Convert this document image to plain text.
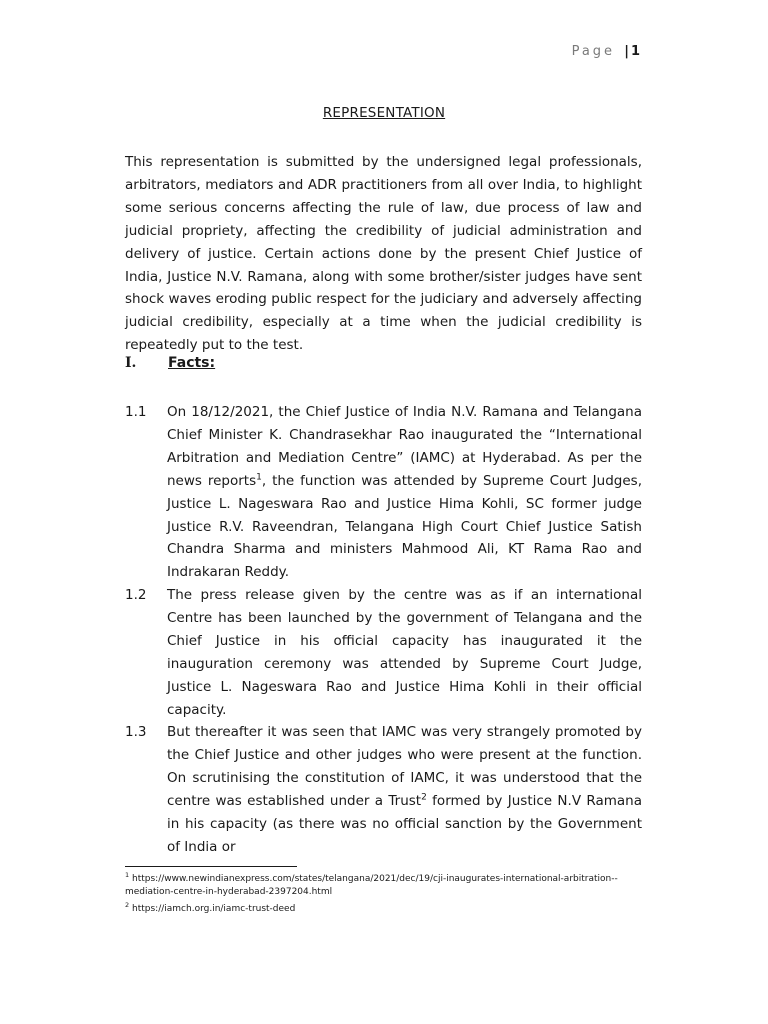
Page | 1
REPRESENTATION

This representation is submitted by the undersigned legal professionals, arbitrators, mediators and ADR practitioners from all over India, to highlight some serious concerns affecting the rule of law, due process of law and judicial propriety, affecting the credibility of judicial administration and delivery of justice. Certain actions done by the present Chief Justice of India, Justice N.V. Ramana, along with some brother/sister judges have sent shock waves eroding public respect for the judiciary and adversely affecting judicial credibility, especially at a time when the judicial credibility is repeatedly put to the test.

I. Facts:
1.1 On 18/12/2021, the Chief Justice of India N.V. Ramana and Telangana Chief Minister K. Chandrasekhar Rao inaugurated the “International Arbitration and Mediation Centre” (IAMC) at Hyderabad. As per the news reports$^1$, the function was attended by Supreme Court Judges, Justice L. Nageswara Rao and Justice Hima Kohli, SC former judge Justice R.V. Raveendran, Telangana High Court Chief Justice Satish Chandra Sharma and ministers Mahmood Ali, KT Rama Rao and Indrakaran Reddy.

1.2 The press release given by the centre was as if an international Centre has been launched by the government of Telangana and the Chief Justice in his official capacity has inaugurated it the inauguration ceremony was attended by Supreme Court Judge, Justice L. Nageswara Rao and Justice Hima Kohli in their official capacity.

1.3 But thereafter it was seen that IAMC was very strangely promoted by the Chief Justice and other judges who were present at the function. On scrutinising the constitution of IAMC, it was understood that the centre was established under a Trust$^2$ formed by Justice N.V Ramana in his capacity (as there was no official sanction by the Government of India or

$^1$ https://www.newindianexpress.com/states/telangana/2021/dec/19/cji-inaugurates-international-arbitration--mediation-centre-in-hyderabad-2397204.html
$^2$ https://iamch.org.in/iamc-trust-deed
